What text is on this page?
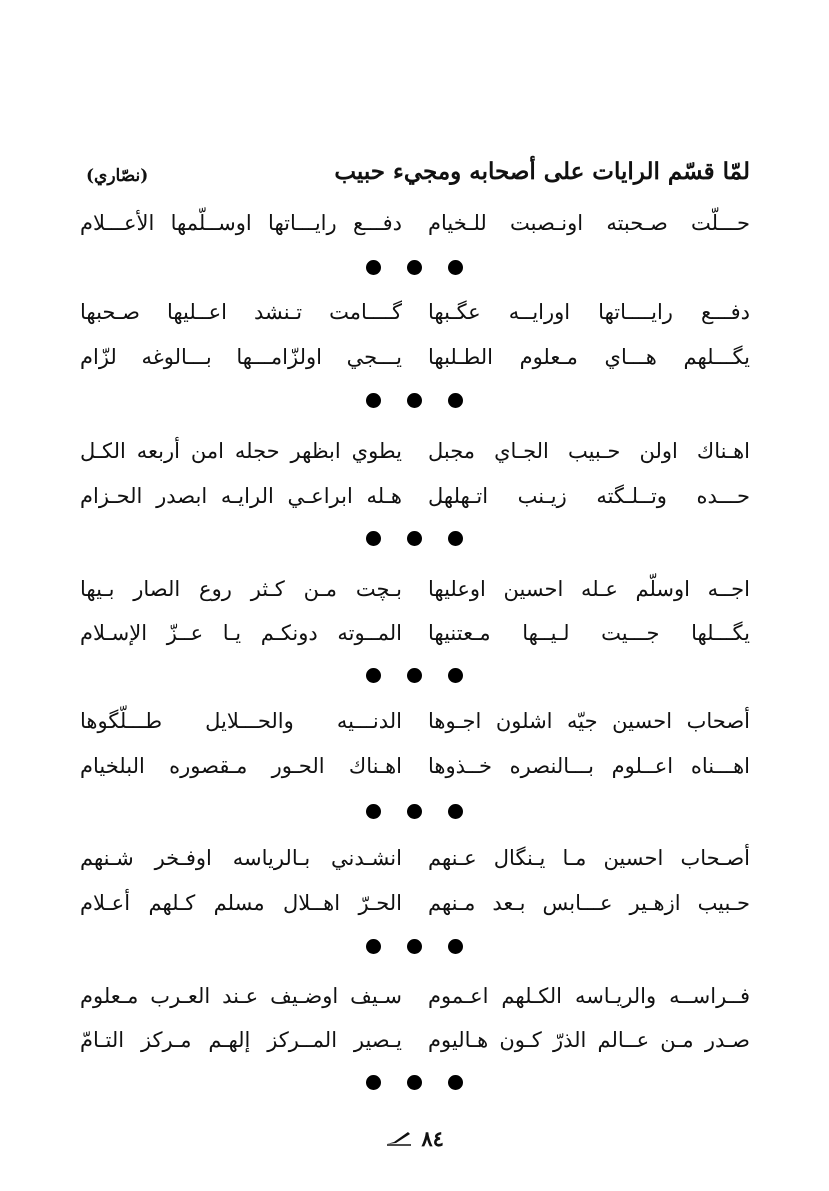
لمّا قسّم الرايات على أصحابه ومجيء حبيب
(نصّاري)
حـــلّت صـحبته اونـصبت للـخيام
دفـــع رايـــاتها اوســلّمها الأعـــلام
دفـــع رايــــاتها اورايــه عگـبها
گــــامت تـنشد اعــليها صـحبها
يگـــلهم هـــاي مـعلوم الطـلبها
يـــجي اولزّامـــها بـــالوغه لزّام
اهـناك اولن حـبيب الجـاي مجبل
يطوي ابظهر حجله امن أربعه الكـل
حـــده وتــلـگته زيـنب اتـهلهل
هـله ابراعـي الرايـه ابصدر الحـزام
اجــه اوسلّم عـله احسين اوعليها
بـچت مـن كـثر روع الصار بـيها
يگـــلها جـــيت لـيــها مـعتنيها
المــوته دونكـم يـا عــزّ الإسـلام
أصحاب احسين جيّه اشلون اجـوها
الدنـــيه والحـــلايل طـــلّگوها
اهـــناه اعــلوم بـــالنصره خــذوها
اهـناك الحـور مـقصوره البلخيام
أصـحاب احسين مـا يـنگال عـنهم
انشـدني بـالرياسه اوفـخر شـنهم
حـبيب ازهـير عـــابس بـعد مـنهم
الحـرّ اهــلال مسلم كـلهم أعـلام
فــراســه والريـاسه الكـلهم اعـموم
سـيف اوضـيف عـند العـرب مـعلوم
صـدر مـن عــالم الذرّ كـون هـاليوم
يـصير المــركز إلهـم مـركز التـامّ
٨٤
